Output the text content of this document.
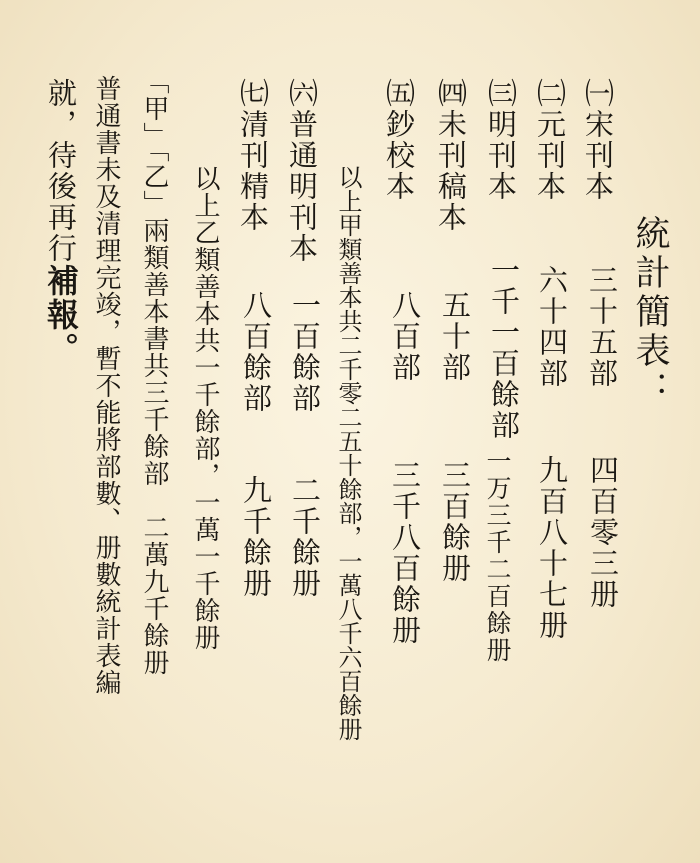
統計簡表：
㈠宋刊本
三十五部
四百零三册
㈡元刊本
六十四部
九百八十七册
㈢明刊本
一千一百餘部
一万三千二百餘册
㈣未刊稿本
五十部
三百餘册
㈤鈔校本
八百部
三千八百餘册
以上甲類善本共二千零二五十餘部，一萬八千六百餘册
㈥普通明刊本
一百餘部
二千餘册
㈦清刊精本
八百餘部
九千餘册
以上乙類善本共一千餘部，一萬一千餘册
「甲」「乙」兩類善本書共三千餘部　二萬九千餘册
普通書未及清理完竣，暫不能將部數、册數統計表編
就，待後再行補報。
